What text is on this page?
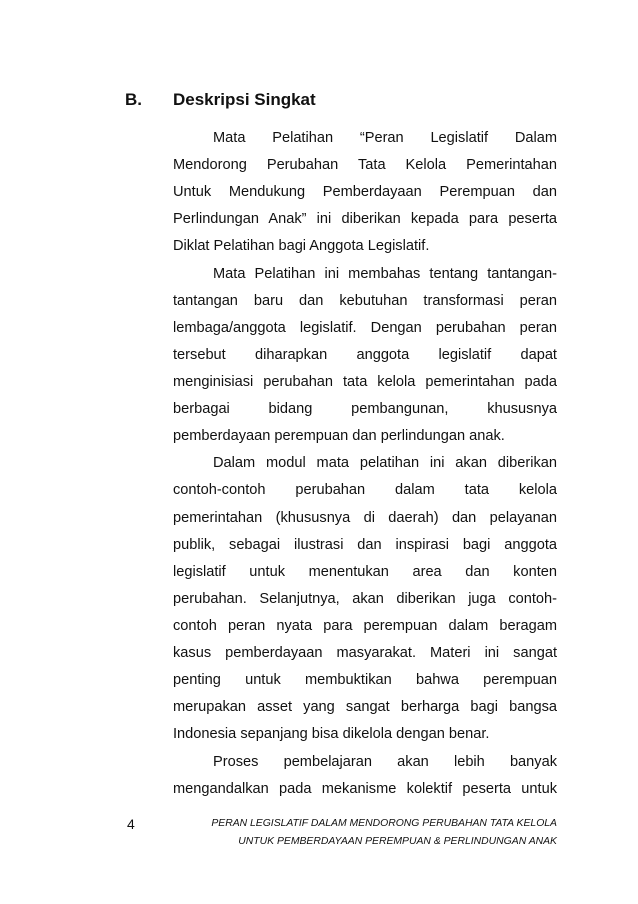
B. Deskripsi Singkat
Mata Pelatihan “Peran Legislatif Dalam
Mendorong Perubahan Tata Kelola Pemerintahan
Untuk Mendukung Pemberdayaan Perempuan dan
Perlindungan Anak” ini diberikan kepada para peserta
Diklat Pelatihan bagi Anggota Legislatif.
Mata Pelatihan ini membahas tentang tantangan-
tantangan baru dan kebutuhan transformasi peran
lembaga/anggota legislatif. Dengan perubahan peran
tersebut diharapkan anggota legislatif dapat
menginisiasi perubahan tata kelola pemerintahan pada
berbagai bidang pembangunan, khususnya
pemberdayaan perempuan dan perlindungan anak.
Dalam modul mata pelatihan ini akan diberikan
contoh-contoh perubahan dalam tata kelola
pemerintahan (khususnya di daerah) dan pelayanan
publik, sebagai ilustrasi dan inspirasi bagi anggota
legislatif untuk menentukan area dan konten
perubahan. Selanjutnya, akan diberikan juga contoh-
contoh peran nyata para perempuan dalam beragam
kasus pemberdayaan masyarakat. Materi ini sangat
penting untuk membuktikan bahwa perempuan
merupakan asset yang sangat berharga bagi bangsa
Indonesia sepanjang bisa dikelola dengan benar.
Proses pembelajaran akan lebih banyak
mengandalkan pada mekanisme kolektif peserta untuk
4	PERAN LEGISLATIF DALAM MENDORONG PERUBAHAN TATA KELOLA
UNTUK PEMBERDAYAAN PEREMPUAN & PERLINDUNGAN ANAK
